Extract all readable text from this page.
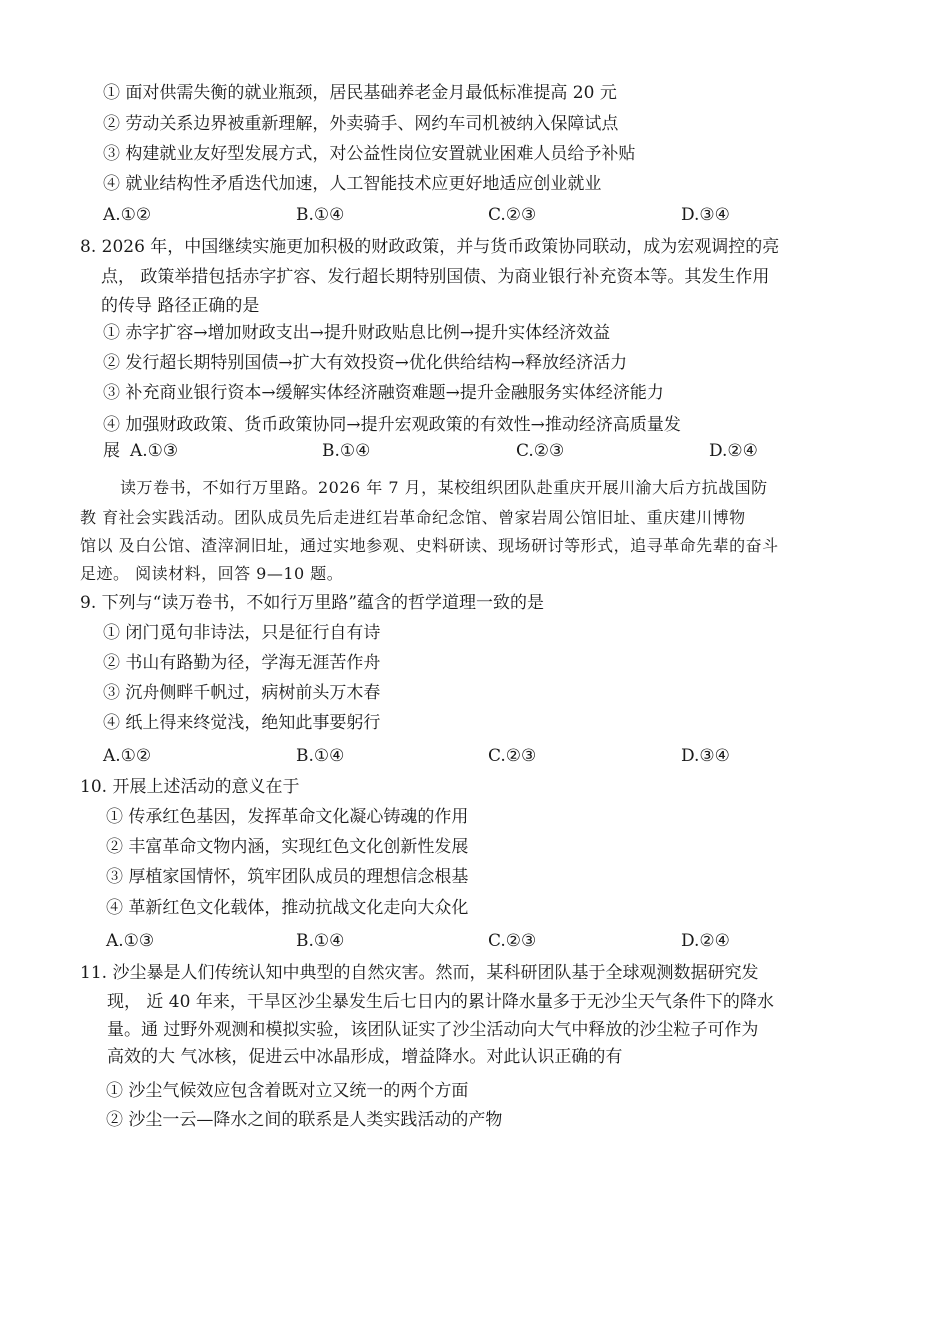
① 面对供需失衡的就业瓶颈，居民基础养老金月最低标准提高 20 元
② 劳动关系边界被重新理解，外卖骑手、网约车司机被纳入保障试点
③ 构建就业友好型发展方式，对公益性岗位安置就业困难人员给予补贴
④ 就业结构性矛盾迭代加速，人工智能技术应更好地适应创业就业
A.①②	B.①④	C.②③	D.③④
8. 2026 年，中国继续实施更加积极的财政政策，并与货币政策协同联动，成为宏观调控的亮
点， 政策举措包括赤字扩容、发行超长期特别国债、为商业银行补充资本等。其发生作用
的传导 路径正确的是
① 赤字扩容→增加财政支出→提升财政贴息比例→提升实体经济效益
② 发行超长期特别国债→扩大有效投资→优化供给结构→释放经济活力
③ 补充商业银行资本→缓解实体经济融资难题→提升金融服务实体经济能力
④ 加强财政政策、货币政策协同→提升宏观政策的有效性→推动经济高质量发
展 A.①③	B.①④	C.②③	D.②④
读万卷书，不如行万里路。2026 年 7 月，某校组织团队赴重庆开展川渝大后方抗战国防
教 育社会实践活动。团队成员先后走进红岩革命纪念馆、曾家岩周公馆旧址、重庆建川博物
馆以 及白公馆、渣滓洞旧址，通过实地参观、史料研读、现场研讨等形式，追寻革命先辈的奋斗
足迹。 阅读材料，回答 9—10 题。
9. 下列与“读万卷书，不如行万里路”蕴含的哲学道理一致的是
① 闭门觅句非诗法，只是征行自有诗
② 书山有路勤为径，学海无涯苦作舟
③ 沉舟侧畔千帆过，病树前头万木春
④ 纸上得来终觉浅，绝知此事要躬行
A.①②	B.①④	C.②③	D.③④
10. 开展上述活动的意义在于
① 传承红色基因，发挥革命文化凝心铸魂的作用
② 丰富革命文物内涵，实现红色文化创新性发展
③ 厚植家国情怀，筑牢团队成员的理想信念根基
④ 革新红色文化载体，推动抗战文化走向大众化
A.①③	B.①④	C.②③	D.②④
11. 沙尘暴是人们传统认知中典型的自然灾害。然而，某科研团队基于全球观测数据研究发
现， 近 40 年来，干旱区沙尘暴发生后七日内的累计降水量多于无沙尘天气条件下的降水
量。通 过野外观测和模拟实验，该团队证实了沙尘活动向大气中释放的沙尘粒子可作为
高效的大 气冰核，促进云中冰晶形成，增益降水。对此认识正确的有
① 沙尘气候效应包含着既对立又统一的两个方面
② 沙尘一云—降水之间的联系是人类实践活动的产物
